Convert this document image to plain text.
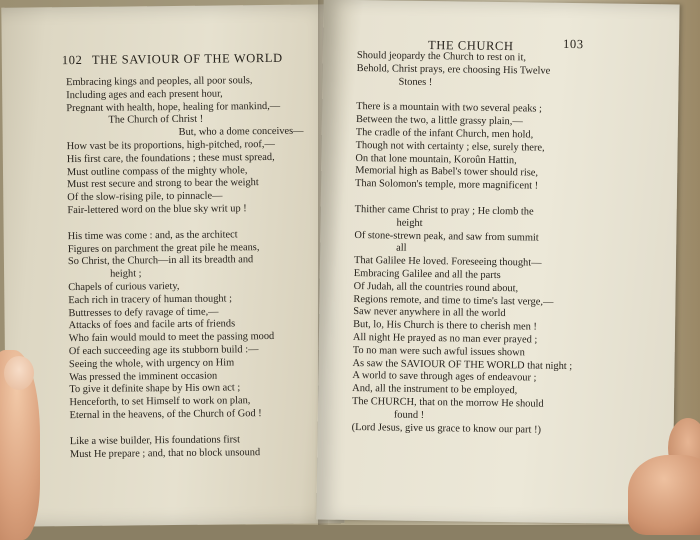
102 THE SAVIOUR OF THE WORLD
Embracing kings and peoples, all poor souls,
Including ages and each present hour,
Pregnant with health, hope, healing for mankind,—
The Church of Christ !
But, who a dome conceives—
How vast be its proportions, high-pitched, roof,—
His first care, the foundations ; these must spread,
Must outline compass of the mighty whole,
Must rest secure and strong to bear the weight
Of the slow-rising pile, to pinnacle—
Fair-lettered word on the blue sky writ up !
His time was come : and, as the architect
Figures on parchment the great pile he means,
So Christ, the Church—in all its breadth and
height ;
Chapels of curious variety,
Each rich in tracery of human thought ;
Buttresses to defy ravage of time,—
Attacks of foes and facile arts of friends
Who fain would mould to meet the passing mood
Of each succeeding age its stubborn build :—
Seeing the whole, with urgency on Him
Was pressed the imminent occasion
To give it definite shape by His own act ;
Henceforth, to set Himself to work on plan,
Eternal in the heavens, of the Church of God !
Like a wise builder, His foundations first
Must He prepare ; and, that no block unsound
THE CHURCH	103
Should jeopardy the Church to rest on it,
Behold, Christ prays, ere choosing His Twelve
Stones !
There is a mountain with two several peaks ;
Between the two, a little grassy plain,—
The cradle of the infant Church, men hold,
Though not with certainty ; else, surely there,
On that lone mountain, Koroûn Hattin,
Memorial high as Babel's tower should rise,
Than Solomon's temple, more magnificent !
Thither came Christ to pray ; He clomb the
height
Of stone-strewn peak, and saw from summit
all
That Galilee He loved. Foreseeing thought—
Embracing Galilee and all the parts
Of Judah, all the countries round about,
Regions remote, and time to time's last verge,—
Saw never anywhere in all the world
But, lo, His Church is there to cherish men !
All night He prayed as no man ever prayed ;
To no man were such awful issues shown
As saw the SAVIOUR OF THE WORLD that night ;
A world to save through ages of endeavour ;
And, all the instrument to be employed,
The CHURCH, that on the morrow He should
found !
(Lord Jesus, give us grace to know our part !)
